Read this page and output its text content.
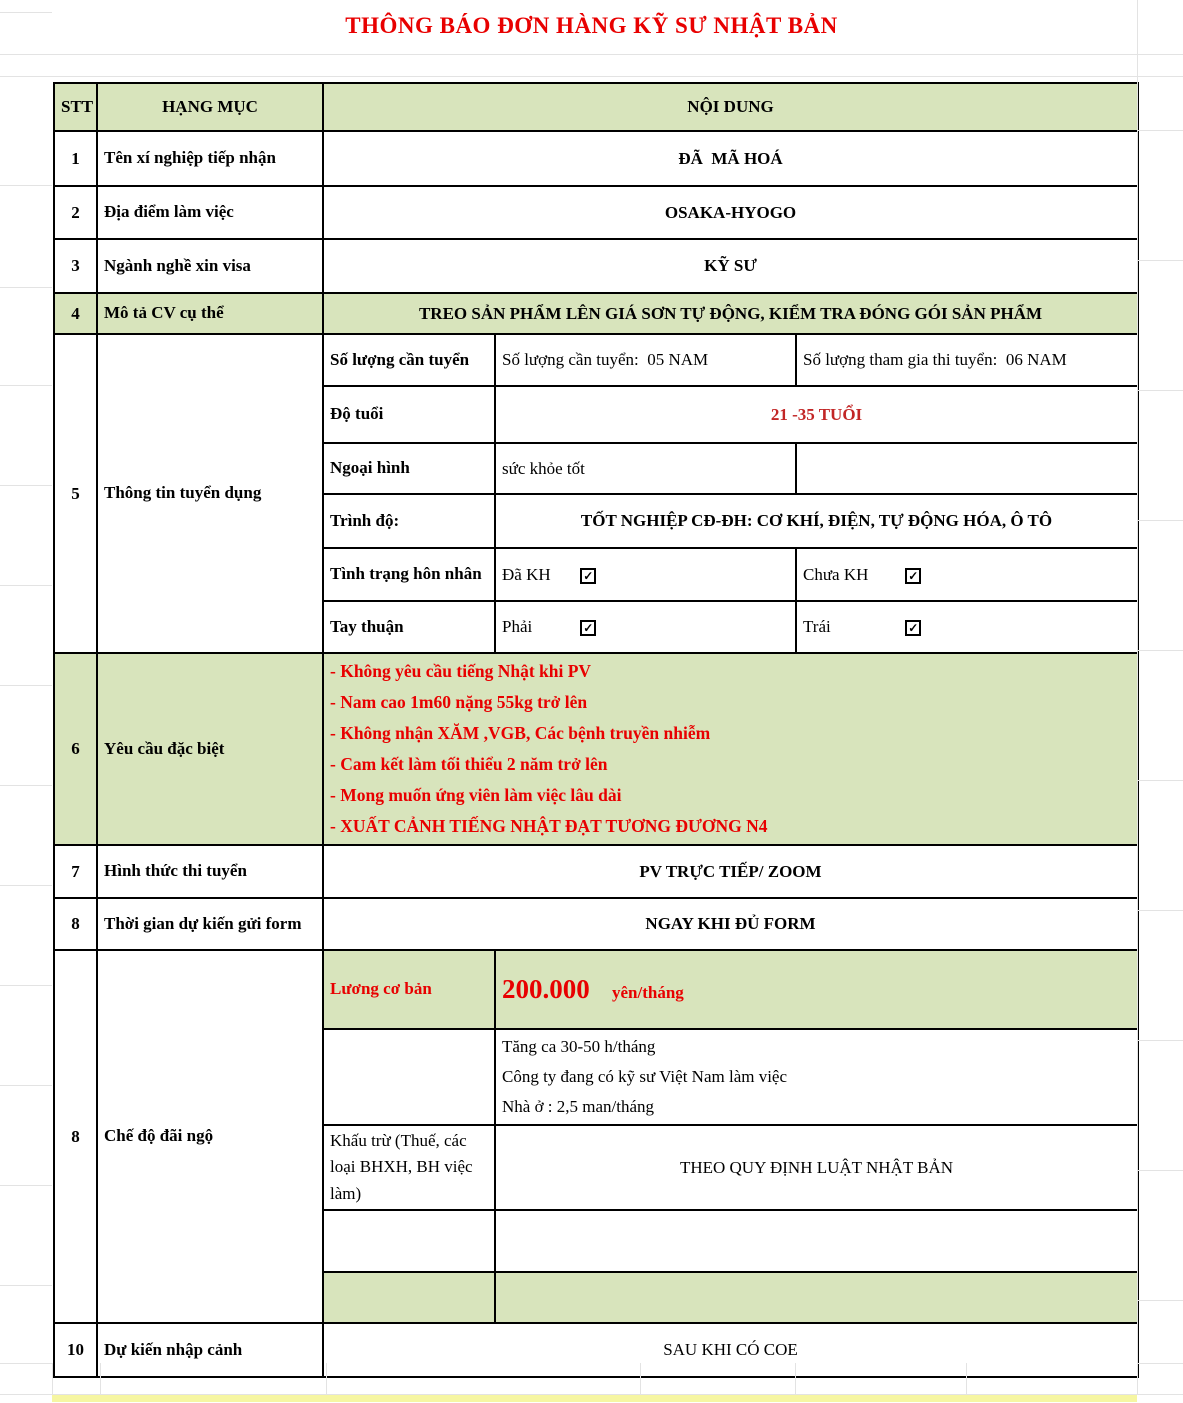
THÔNG BÁO ĐƠN HÀNG KỸ SƯ NHẬT BẢN
STT	HẠNG MỤC	NỘI DUNG		
1	Tên xí nghiệp tiếp nhận	ĐÃ  MÃ HOÁ		
2	Địa điểm làm việc	OSAKA-HYOGO		
3	Ngành nghề xin visa	KỸ SƯ		
4	Mô tả CV cụ thể	TREO SẢN PHẨM LÊN GIÁ SƠN TỰ ĐỘNG, KIỂM TRA ĐÓNG GÓI SẢN PHẨM		
5	Thông tin tuyển dụng	Số lượng cần tuyển	Số lượng cần tuyển:  05 NAM	Số lượng tham gia thi tuyển:  06 NAM
		Độ tuổi	21 -35 TUỔI	
		Ngoại hình	sức khỏe tốt	
		Trình độ:	TỐT NGHIỆP CĐ-ĐH: CƠ KHÍ, ĐIỆN, TỰ ĐỘNG HÓA, Ô TÔ	
		Tình trạng hôn nhân	Đã KH ✓	Chưa KH ✓
		Tay thuận	Phải ✓	Trái ✓
6	Yêu cầu đặc biệt	
- Không yêu cầu tiếng Nhật khi PV
- Nam cao 1m60 nặng 55kg trở lên
- Không nhận XĂM ,VGB, Các bệnh truyền nhiễm
- Cam kết làm tối thiểu 2 năm trở lên
- Mong muốn ứng viên làm việc lâu dài
- XUẤT CẢNH TIẾNG NHẬT ĐẠT TƯƠNG ĐƯƠNG N4

7	Hình thức thi tuyển	PV TRỰC TIẾP/ ZOOM		
8	Thời gian dự kiến gửi form	NGAY KHI ĐỦ FORM		
8	Chế độ đãi ngộ	Lương cơ bản	200.000 yên/tháng	

			Tăng ca 30-50 h/tháng
Công ty đang có kỹ sư Việt Nam làm việc
Nhà ở : 2,5 man/tháng	

		Khấu trừ (Thuế, các loại BHXH, BH việc làm)	THEO QUY ĐỊNH LUẬT NHẬT BẢN	

10	Dự kiến nhập cảnh	SAU KHI CÓ COE		
